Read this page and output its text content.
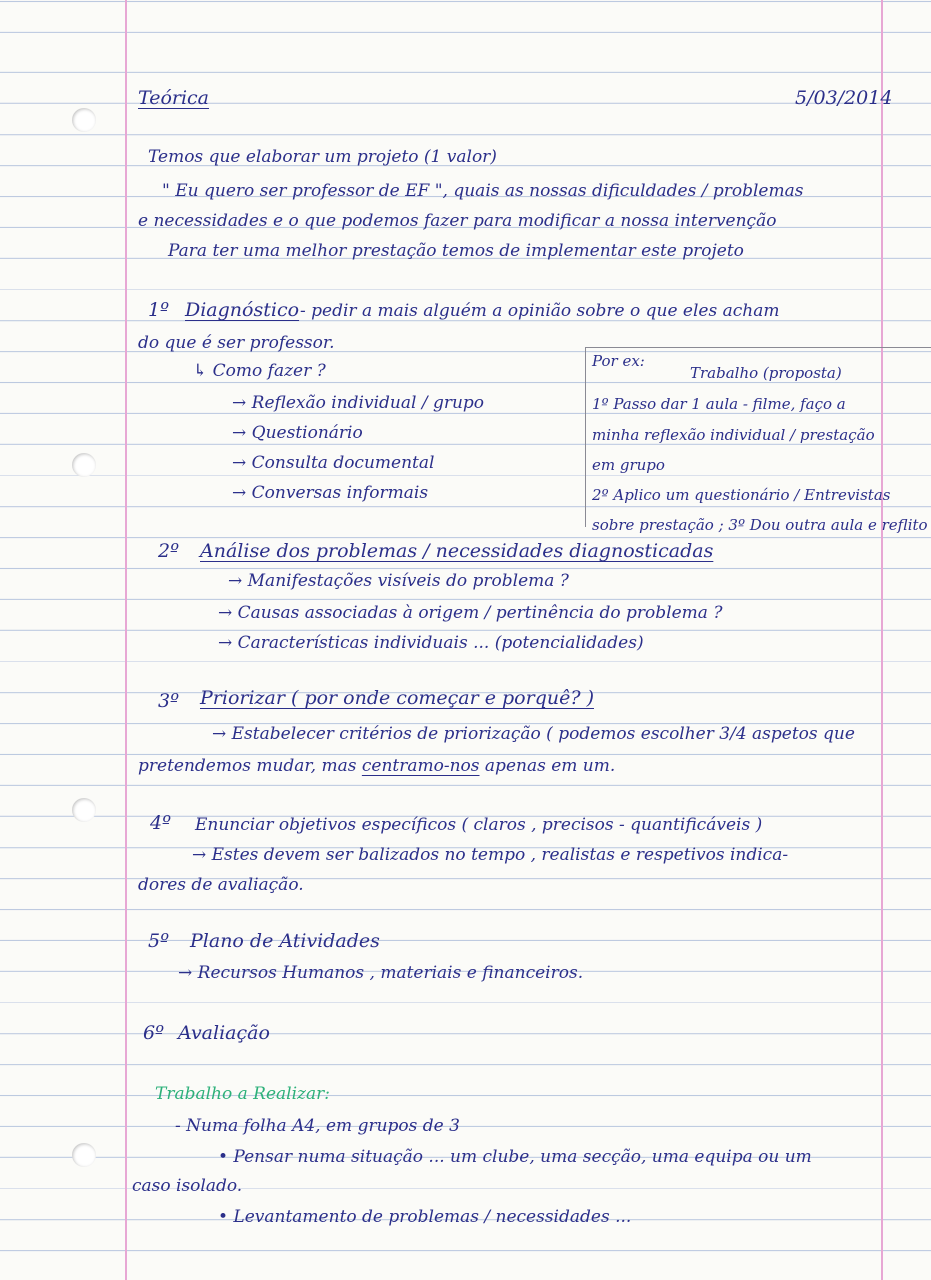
Teórica	5/03/2014
Temos que elaborar um projeto (1 valor)
" Eu quero ser professor de EF ", quais as nossas dificuldades / problemas
e necessidades e o que podemos fazer para modificar a nossa intervenção
Para ter uma melhor prestação temos de implementar este projeto
1º Diagnóstico - pedir a mais alguém a opinião sobre o que eles acham
do que é ser professor.
↳ Como fazer ?
→ Reflexão individual / grupo
→ Questionário
→ Consulta documental
→ Conversas informais
Por ex:
Trabalho (proposta)
1º Passo dar 1 aula - filme, faço a
minha reflexão individual / prestação
em grupo
2º Aplico um questionário / Entrevistas
sobre prestação ; 3º Dou outra aula e reflito
2º Análise dos problemas / necessidades diagnosticadas
→ Manifestações visíveis do problema ?
→ Causas associadas à origem / pertinência do problema ?
→ Características individuais ... (potencialidades)
3º Priorizar ( por onde começar e porquê? )
→ Estabelecer critérios de priorização ( podemos escolher 3/4 aspetos que
pretendemos mudar, mas centramo-nos apenas em um.
4º Enunciar objetivos específicos ( claros , precisos - quantificáveis )
→ Estes devem ser balizados no tempo , realistas e respetivos indica-
dores de avaliação.
5º Plano de Atividades
→ Recursos Humanos , materiais e financeiros.
6º Avaliação
Trabalho a Realizar:
- Numa folha A4, em grupos de 3
• Pensar numa situação ... um clube, uma secção, uma equipa ou um
caso isolado.
• Levantamento de problemas / necessidades ...
